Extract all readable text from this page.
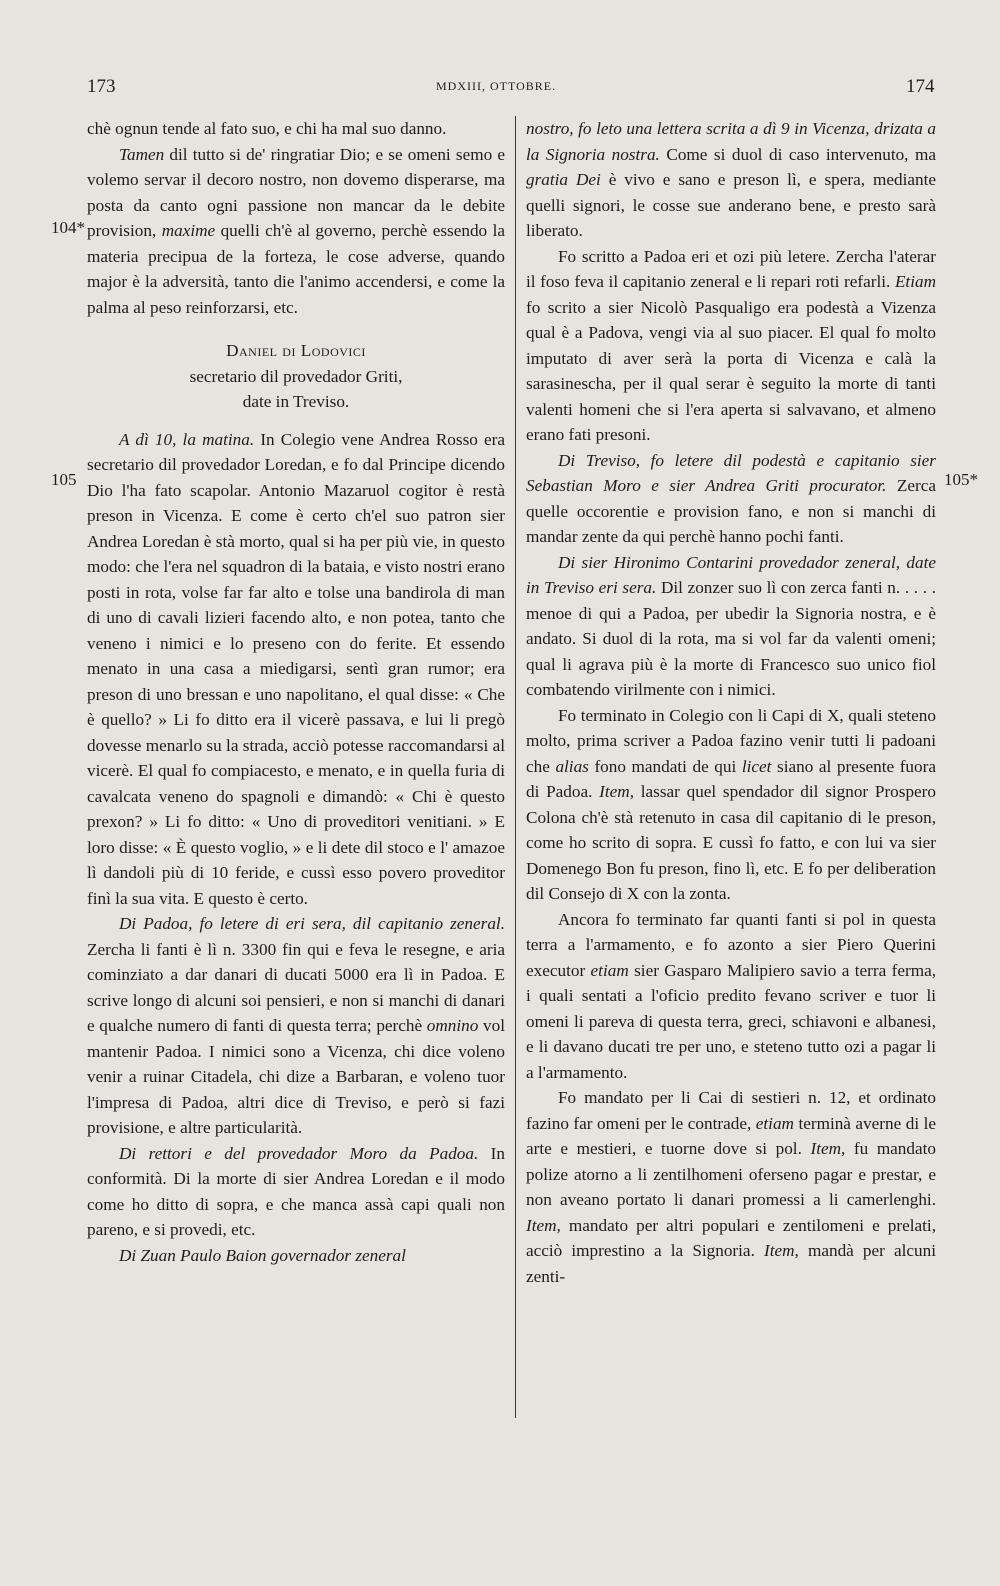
173	MDXIII, OTTOBRE.	174
104*
105	105*

chè ognun tende al fato suo, e chi ha mal suo danno.

Tamen dil tutto si de' ringratiar Dio; e se omeni semo e volemo servar il decoro nostro, non dovemo disperarse, ma posta da canto ogni passione non mancar da le debite provision, maxime quelli ch'è al governo, perchè essendo la materia precipua de la forteza, le cose adverse, quando major è la adversità, tanto die l'animo accendersi, e come la palma al peso reinforzarsi, etc.

Daniel di Lodovici
secretario dil provedador Griti,
date in Treviso.

A dì 10, la matina. In Colegio vene Andrea Rosso era secretario dil provedador Loredan, e fo dal Principe dicendo Dio l'ha fato scapolar. Antonio Mazaruol cogitor è restà preson in Vicenza. E come è certo ch'el suo patron sier Andrea Loredan è stà morto, qual si ha per più vie, in questo modo: che l'era nel squadron di la bataia, e visto nostri erano posti in rota, volse far far alto e tolse una bandirola di man di uno di cavali lizieri facendo alto, e non potea, tanto che veneno i nimici e lo preseno con do ferite. Et essendo menato in una casa a miedigarsi, sentì gran rumor; era preson di uno bressan e uno napolitano, el qual disse: « Che è quello? » Li fo ditto era il vicerè passava, e lui li pregò dovesse menarlo su la strada, acciò potesse raccomandarsi al vicerè. El qual fo compiacesto, e menato, e in quella furia di cavalcata veneno do spagnoli e dimandò: « Chi è questo prexon? » Li fo ditto: « Uno di proveditori venitiani. » E loro disse: « È questo voglio, » e li dete dil stoco e l' amazoe lì dandoli più di 10 feride, e cussì esso povero proveditor finì la sua vita. E questo è certo.

Di Padoa, fo letere di eri sera, dil capitanio zeneral. Zercha li fanti è lì n. 3300 fin qui e feva le resegne, e aria cominziato a dar danari di ducati 5000 era lì in Padoa. E scrive longo di alcuni soi pensieri, e non si manchi di danari e qualche numero di fanti di questa terra; perchè omnino vol mantenir Padoa. I nimici sono a Vicenza, chi dice voleno venir a ruinar Citadela, chi dize a Barbaran, e voleno tuor l'impresa di Padoa, altri dice di Treviso, e però si fazi provisione, e altre particularità.

Di rettori e del provedador Moro da Padoa. In conformità. Di la morte di sier Andrea Loredan e il modo come ho ditto di sopra, e che manca assà capi quali non pareno, e si provedi, etc.

Di Zuan Paulo Baion governador zeneral

nostro, fo leto una lettera scrita a dì 9 in Vicenza, drizata a la Signoria nostra. Come si duol di caso intervenuto, ma gratia Dei è vivo e sano e preson lì, e spera, mediante quelli signori, le cosse sue anderano bene, e presto sarà liberato.

Fo scritto a Padoa eri et ozi più letere. Zercha l'aterar il foso feva il capitanio zeneral e li repari roti refarli. Etiam fo scrito a sier Nicolò Pasqualigo era podestà a Vizenza qual è a Padova, vengi via al suo piacer. El qual fo molto imputato di aver serà la porta di Vicenza e calà la sarasinescha, per il qual serar è seguito la morte di tanti valenti homeni che si l'era aperta si salvavano, et almeno erano fati presoni.

Di Treviso, fo letere dil podestà e capitanio sier Sebastian Moro e sier Andrea Griti procurator. Zerca quelle occorentie e provision fano, e non si manchi di mandar zente da qui perchè hanno pochi fanti.

Di sier Hironimo Contarini provedador zeneral, date in Treviso eri sera. Dil zonzer suo lì con zerca fanti n. . . . . menoe di qui a Padoa, per ubedir la Signoria nostra, e è andato. Si duol di la rota, ma si vol far da valenti omeni; qual li agrava più è la morte di Francesco suo unico fiol combatendo virilmente con i nimici.

Fo terminato in Colegio con li Capi di X, quali steteno molto, prima scriver a Padoa fazino venir tutti li padoani che alias fono mandati de qui licet siano al presente fuora di Padoa. Item, lassar quel spendador dil signor Prospero Colona ch'è stà retenuto in casa dil capitanio di le preson, come ho scrito di sopra. E cussì fo fatto, e con lui va sier Domenego Bon fu preson, fino lì, etc. E fo per deliberation dil Consejo di X con la zonta.

Ancora fo terminato far quanti fanti si pol in questa terra a l'armamento, e fo azonto a sier Piero Querini executor etiam sier Gasparo Malipiero savio a terra ferma, i quali sentati a l'oficio predito fevano scriver e tuor li omeni li pareva di questa terra, greci, schiavoni e albanesi, e li davano ducati tre per uno, e steteno tutto ozi a pagar li a l'armamento.

Fo mandato per li Cai di sestieri n. 12, et ordinato fazino far omeni per le contrade, etiam terminà averne di le arte e mestieri, e tuorne dove si pol. Item, fu mandato polize atorno a li zentilhomeni oferseno pagar e prestar, e non aveano portato li danari promessi a li camerlenghi. Item, mandato per altri populari e zentilomeni e prelati, acciò imprestino a la Signoria. Item, mandà per alcuni zenti-
